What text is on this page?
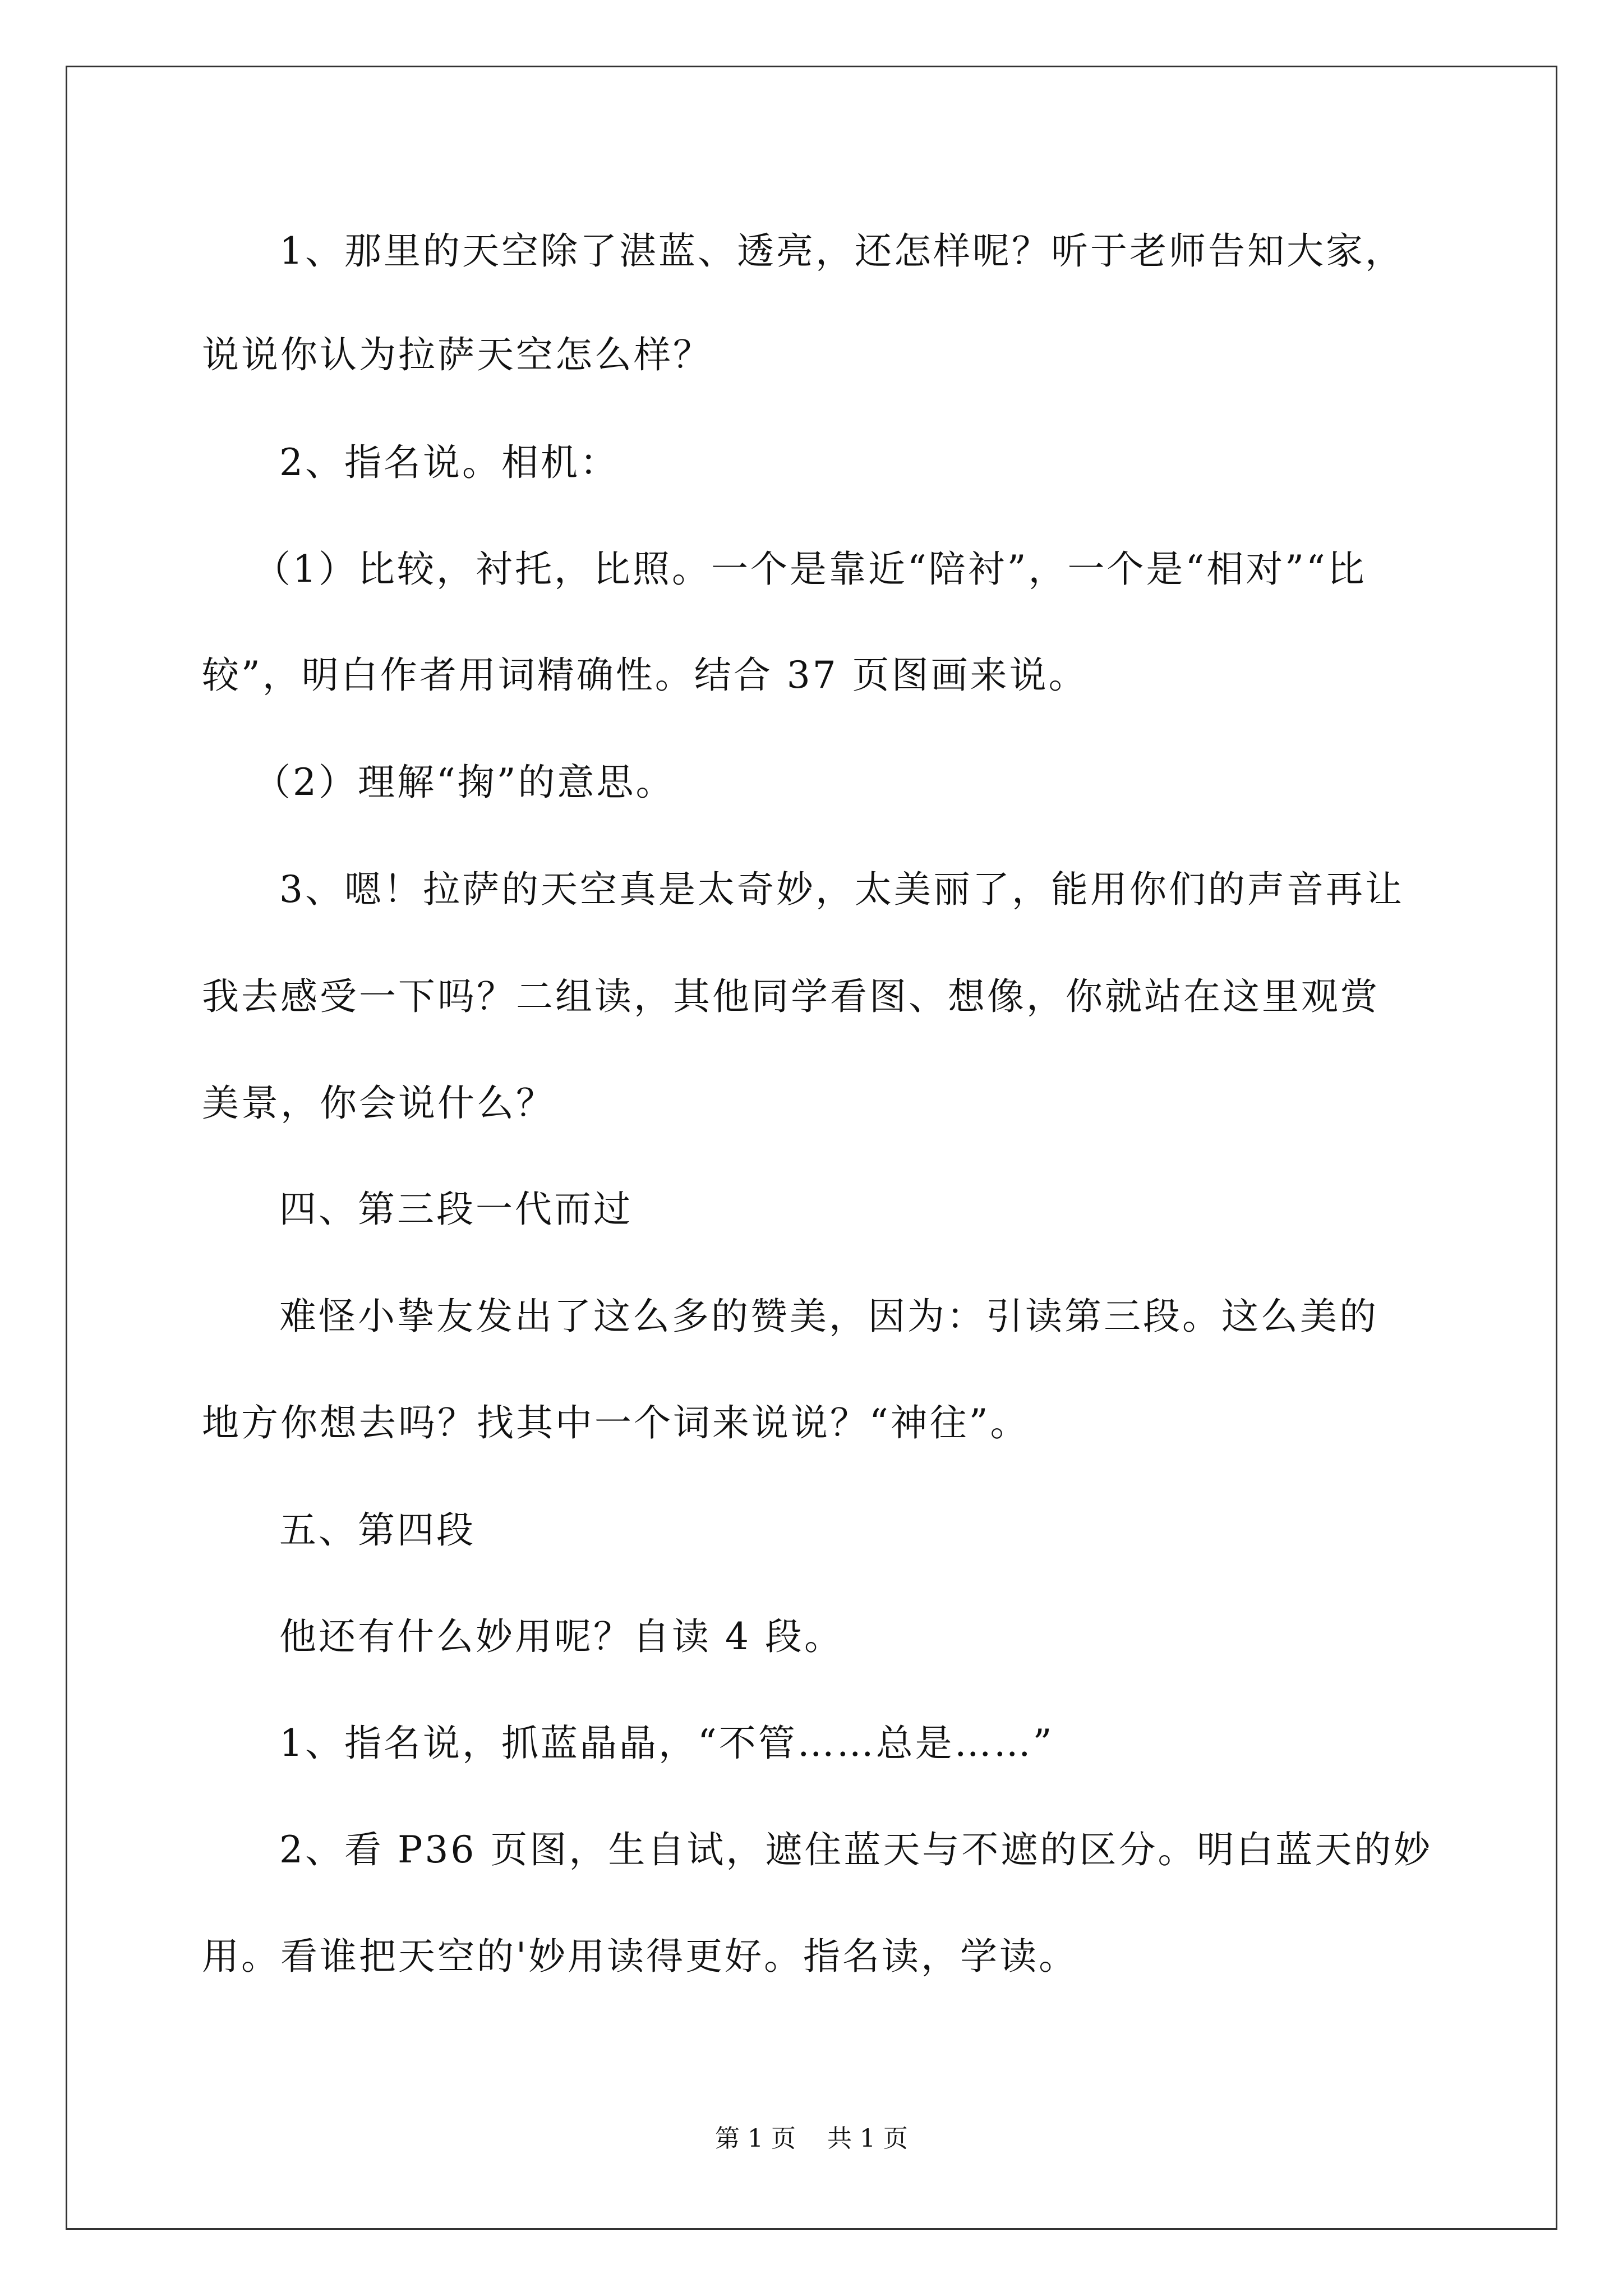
1、那里的天空除了湛蓝、透亮，还怎样呢？听于老师告知大家，
说说你认为拉萨天空怎么样？
2、指名说。相机：
（1）比较，衬托，比照。一个是靠近“陪衬”，一个是“相对”“比
较”，明白作者用词精确性。结合 37 页图画来说。
（2）理解“掬”的意思。
3、嗯！拉萨的天空真是太奇妙，太美丽了，能用你们的声音再让
我去感受一下吗？二组读，其他同学看图、想像，你就站在这里观赏
美景，你会说什么？
四、第三段一代而过
难怪小挚友发出了这么多的赞美，因为：引读第三段。这么美的
地方你想去吗？找其中一个词来说说？“神往”。
五、第四段
他还有什么妙用呢？自读 4 段。
1、指名说，抓蓝晶晶，“不管……总是……”
2、看 P36 页图，生自试，遮住蓝天与不遮的区分。明白蓝天的妙
用。看谁把天空的'妙用读得更好。指名读，学读。
第 1 页    共 1 页
